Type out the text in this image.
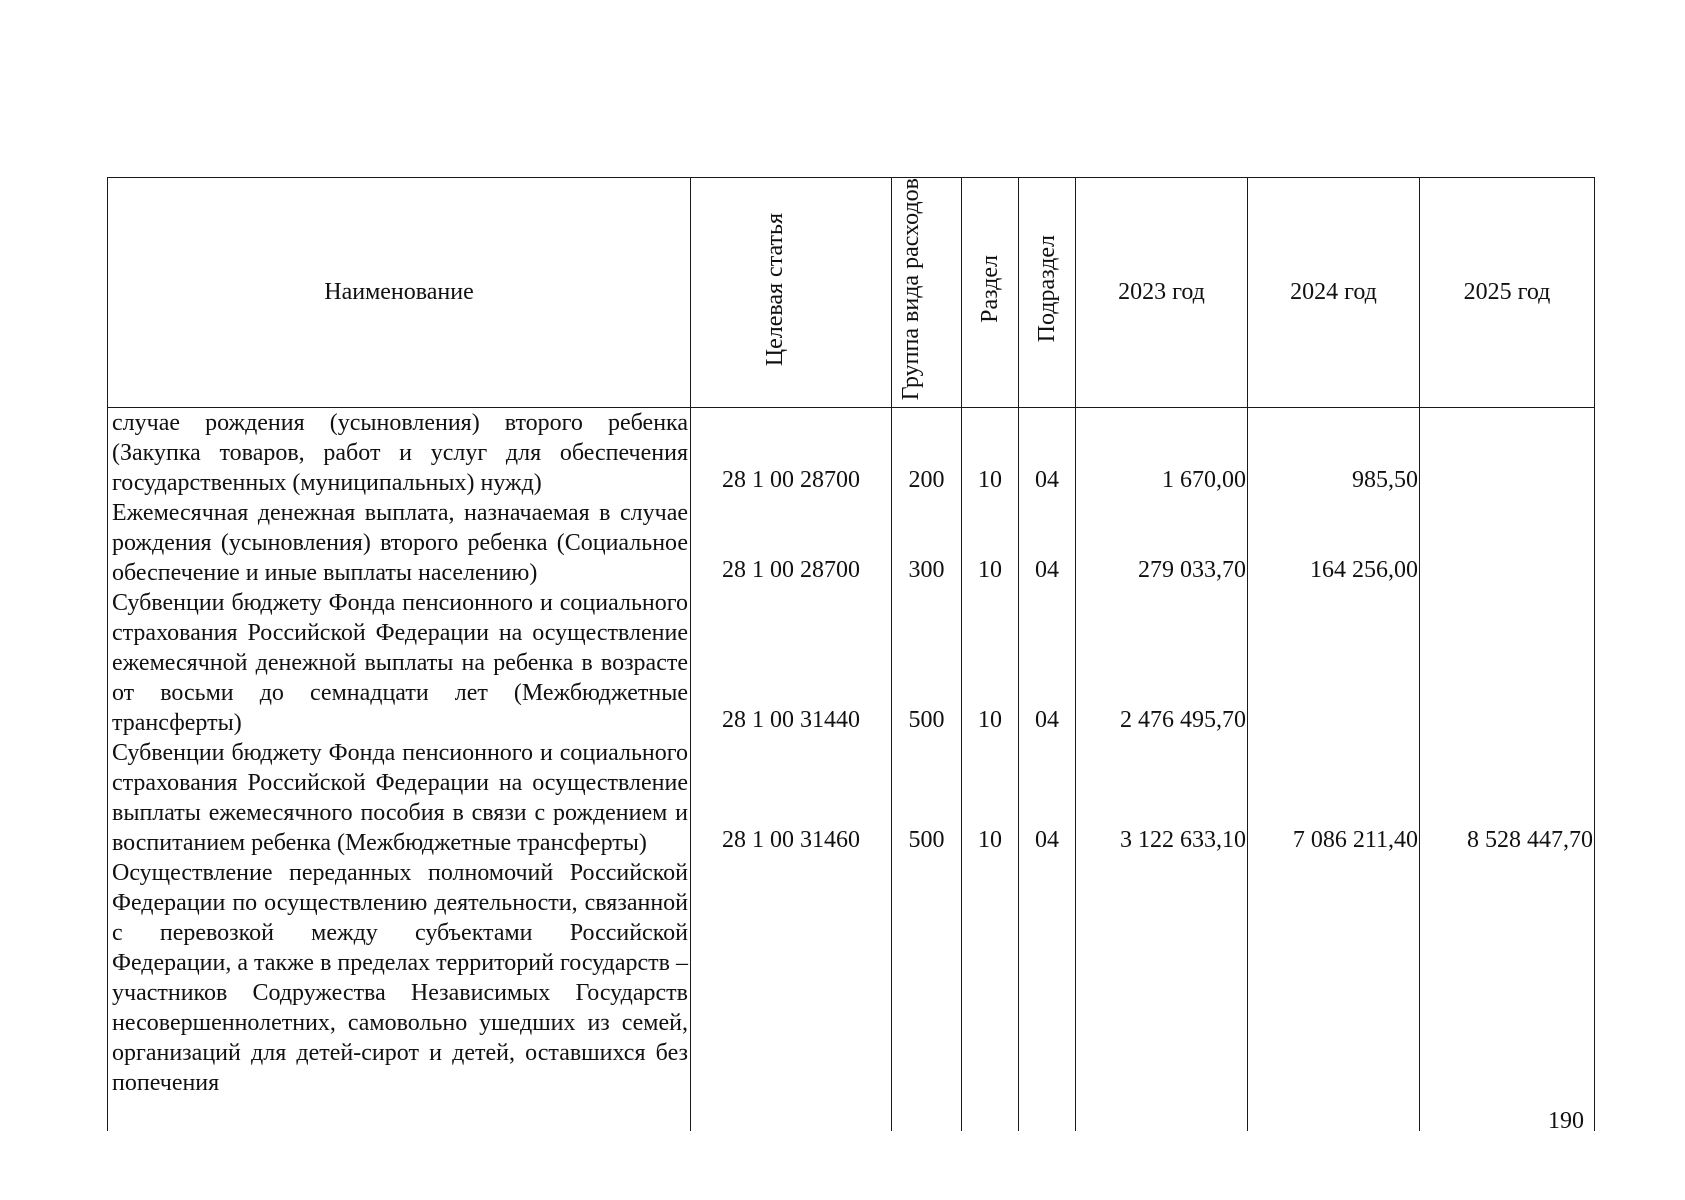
Наименование	Целевая статья	Группа вида расходов	Раздел	Подраздел	2023 год	2024 год	2025 год
случае рождения (усыновления) второго ребенка (Закупка товаров, работ и услуг для обеспечения государственных (муниципальных) нужд)	28 1 00 28700	200	10	04	1 670,00	985,50	
Ежемесячная денежная выплата, назначаемая в случае рождения (усыновления) второго ребенка (Социальное обеспечение и иные выплаты населению)	28 1 00 28700	300	10	04	279 033,70	164 256,00	
Субвенции бюджету Фонда пенсионного и социального страхования Российской Федерации на осуществление ежемесячной денежной выплаты на ребенка в возрасте от восьми до семнадцати лет (Межбюджетные трансферты)	28 1 00 31440	500	10	04	2 476 495,70		
Субвенции бюджету Фонда пенсионного и социального страхования Российской Федерации на осуществление выплаты ежемесячного пособия в связи с рождением и воспитанием ребенка (Межбюджетные трансферты)	28 1 00 31460	500	10	04	3 122 633,10	7 086 211,40	8 528 447,70
Осуществление переданных полномочий Российской Федерации по осуществлению деятельности, связанной с перевозкой между субъектами Российской Федерации, а также в пределах территорий государств – участников Содружества Независимых Государств несовершеннолетних, самовольно ушедших из семей, организаций для детей-сирот и детей, оставшихся без попечения							
190
